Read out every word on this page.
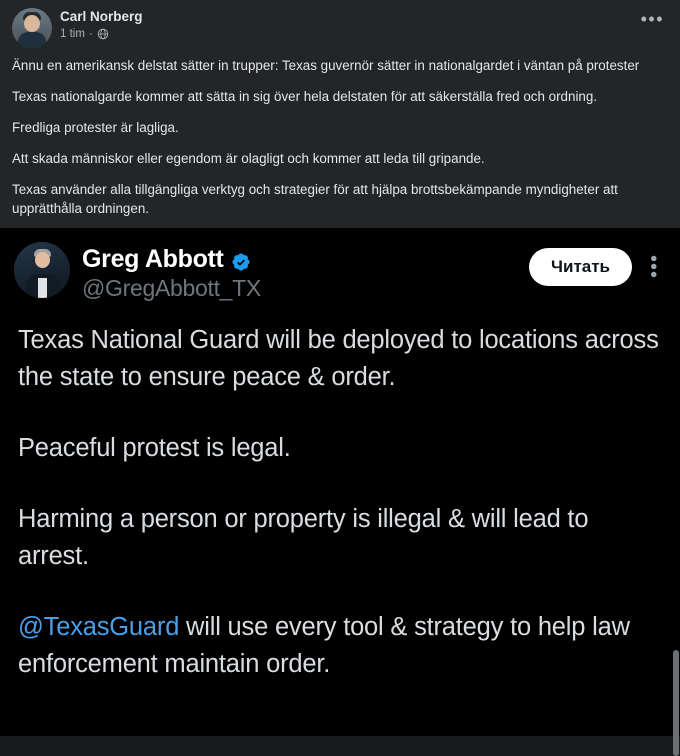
Carl Norberg
1 tim ·
•••

Ännu en amerikansk delstat sätter in trupper: Texas guvernör sätter in nationalgardet i väntan på protester

Texas nationalgarde kommer att sätta in sig över hela delstaten för att säkerställa fred och ordning.

Fredliga protester är lagliga.

Att skada människor eller egendom är olagligt och kommer att leda till gripande.

Texas använder alla tillgängliga verktyg och strategier för att hjälpa brottsbekämpande myndigheter att upprätthålla ordningen.

Greg Abbott
@GregAbbott_TX
Читать	•••

Texas National Guard will be deployed to locations across the state to ensure peace & order.

Peaceful protest is legal.

Harming a person or property is illegal & will lead to arrest.

@TexasGuard will use every tool & strategy to help law enforcement maintain order.
